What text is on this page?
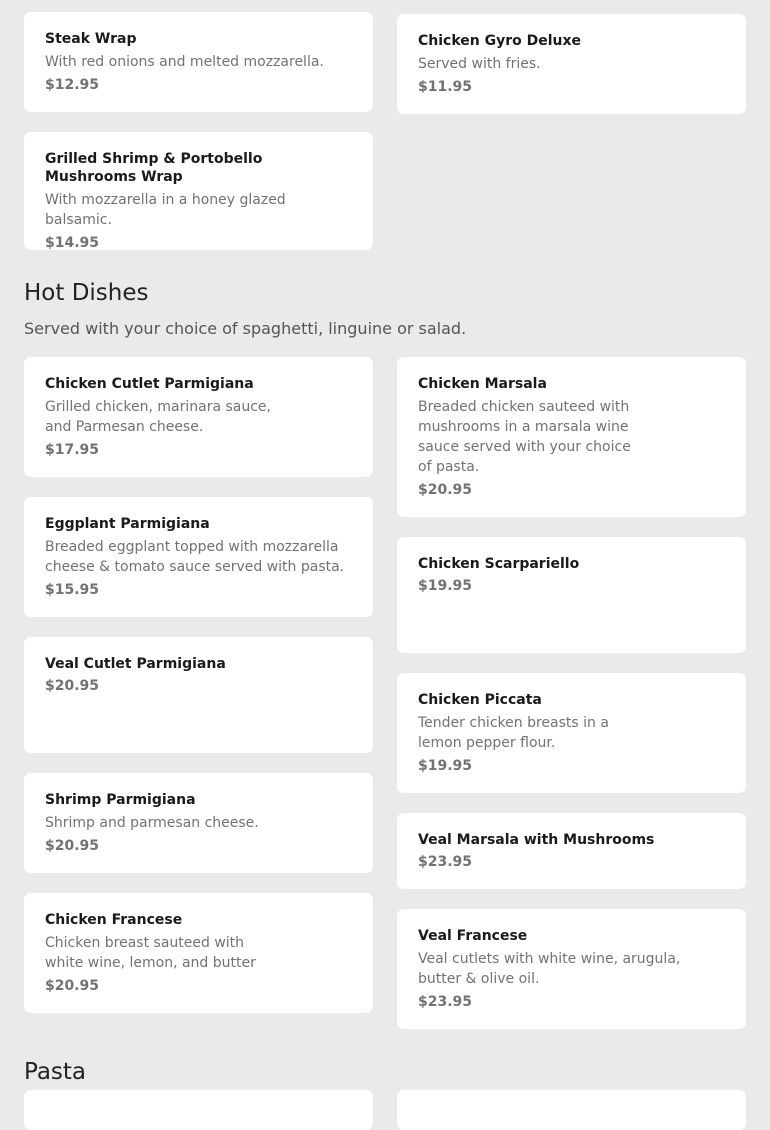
Steak Wrap
With red onions and melted mozzarella.
$12.95
Chicken Gyro Deluxe
Served with fries.
$11.95
Grilled Shrimp & Portobello Mushrooms Wrap
With mozzarella in a honey glazed balsamic.
$14.95
Hot Dishes
Served with your choice of spaghetti, linguine or salad.
Chicken Cutlet Parmigiana
Grilled chicken, marinara sauce, and Parmesan cheese.
$17.95
Eggplant Parmigiana
Breaded eggplant topped with mozzarella cheese & tomato sauce served with pasta.
$15.95
Veal Cutlet Parmigiana
$20.95
Shrimp Parmigiana
Shrimp and parmesan cheese.
$20.95
Chicken Francese
Chicken breast sauteed with white wine, lemon, and butter
$20.95
Chicken Marsala
Breaded chicken sauteed with mushrooms in a marsala wine sauce served with your choice of pasta.
$20.95
Chicken Scarpariello
$19.95
Chicken Piccata
Tender chicken breasts in a lemon pepper flour.
$19.95
Veal Marsala with Mushrooms
$23.95
Veal Francese
Veal cutlets with white wine, arugula, butter & olive oil.
$23.95
Pasta
